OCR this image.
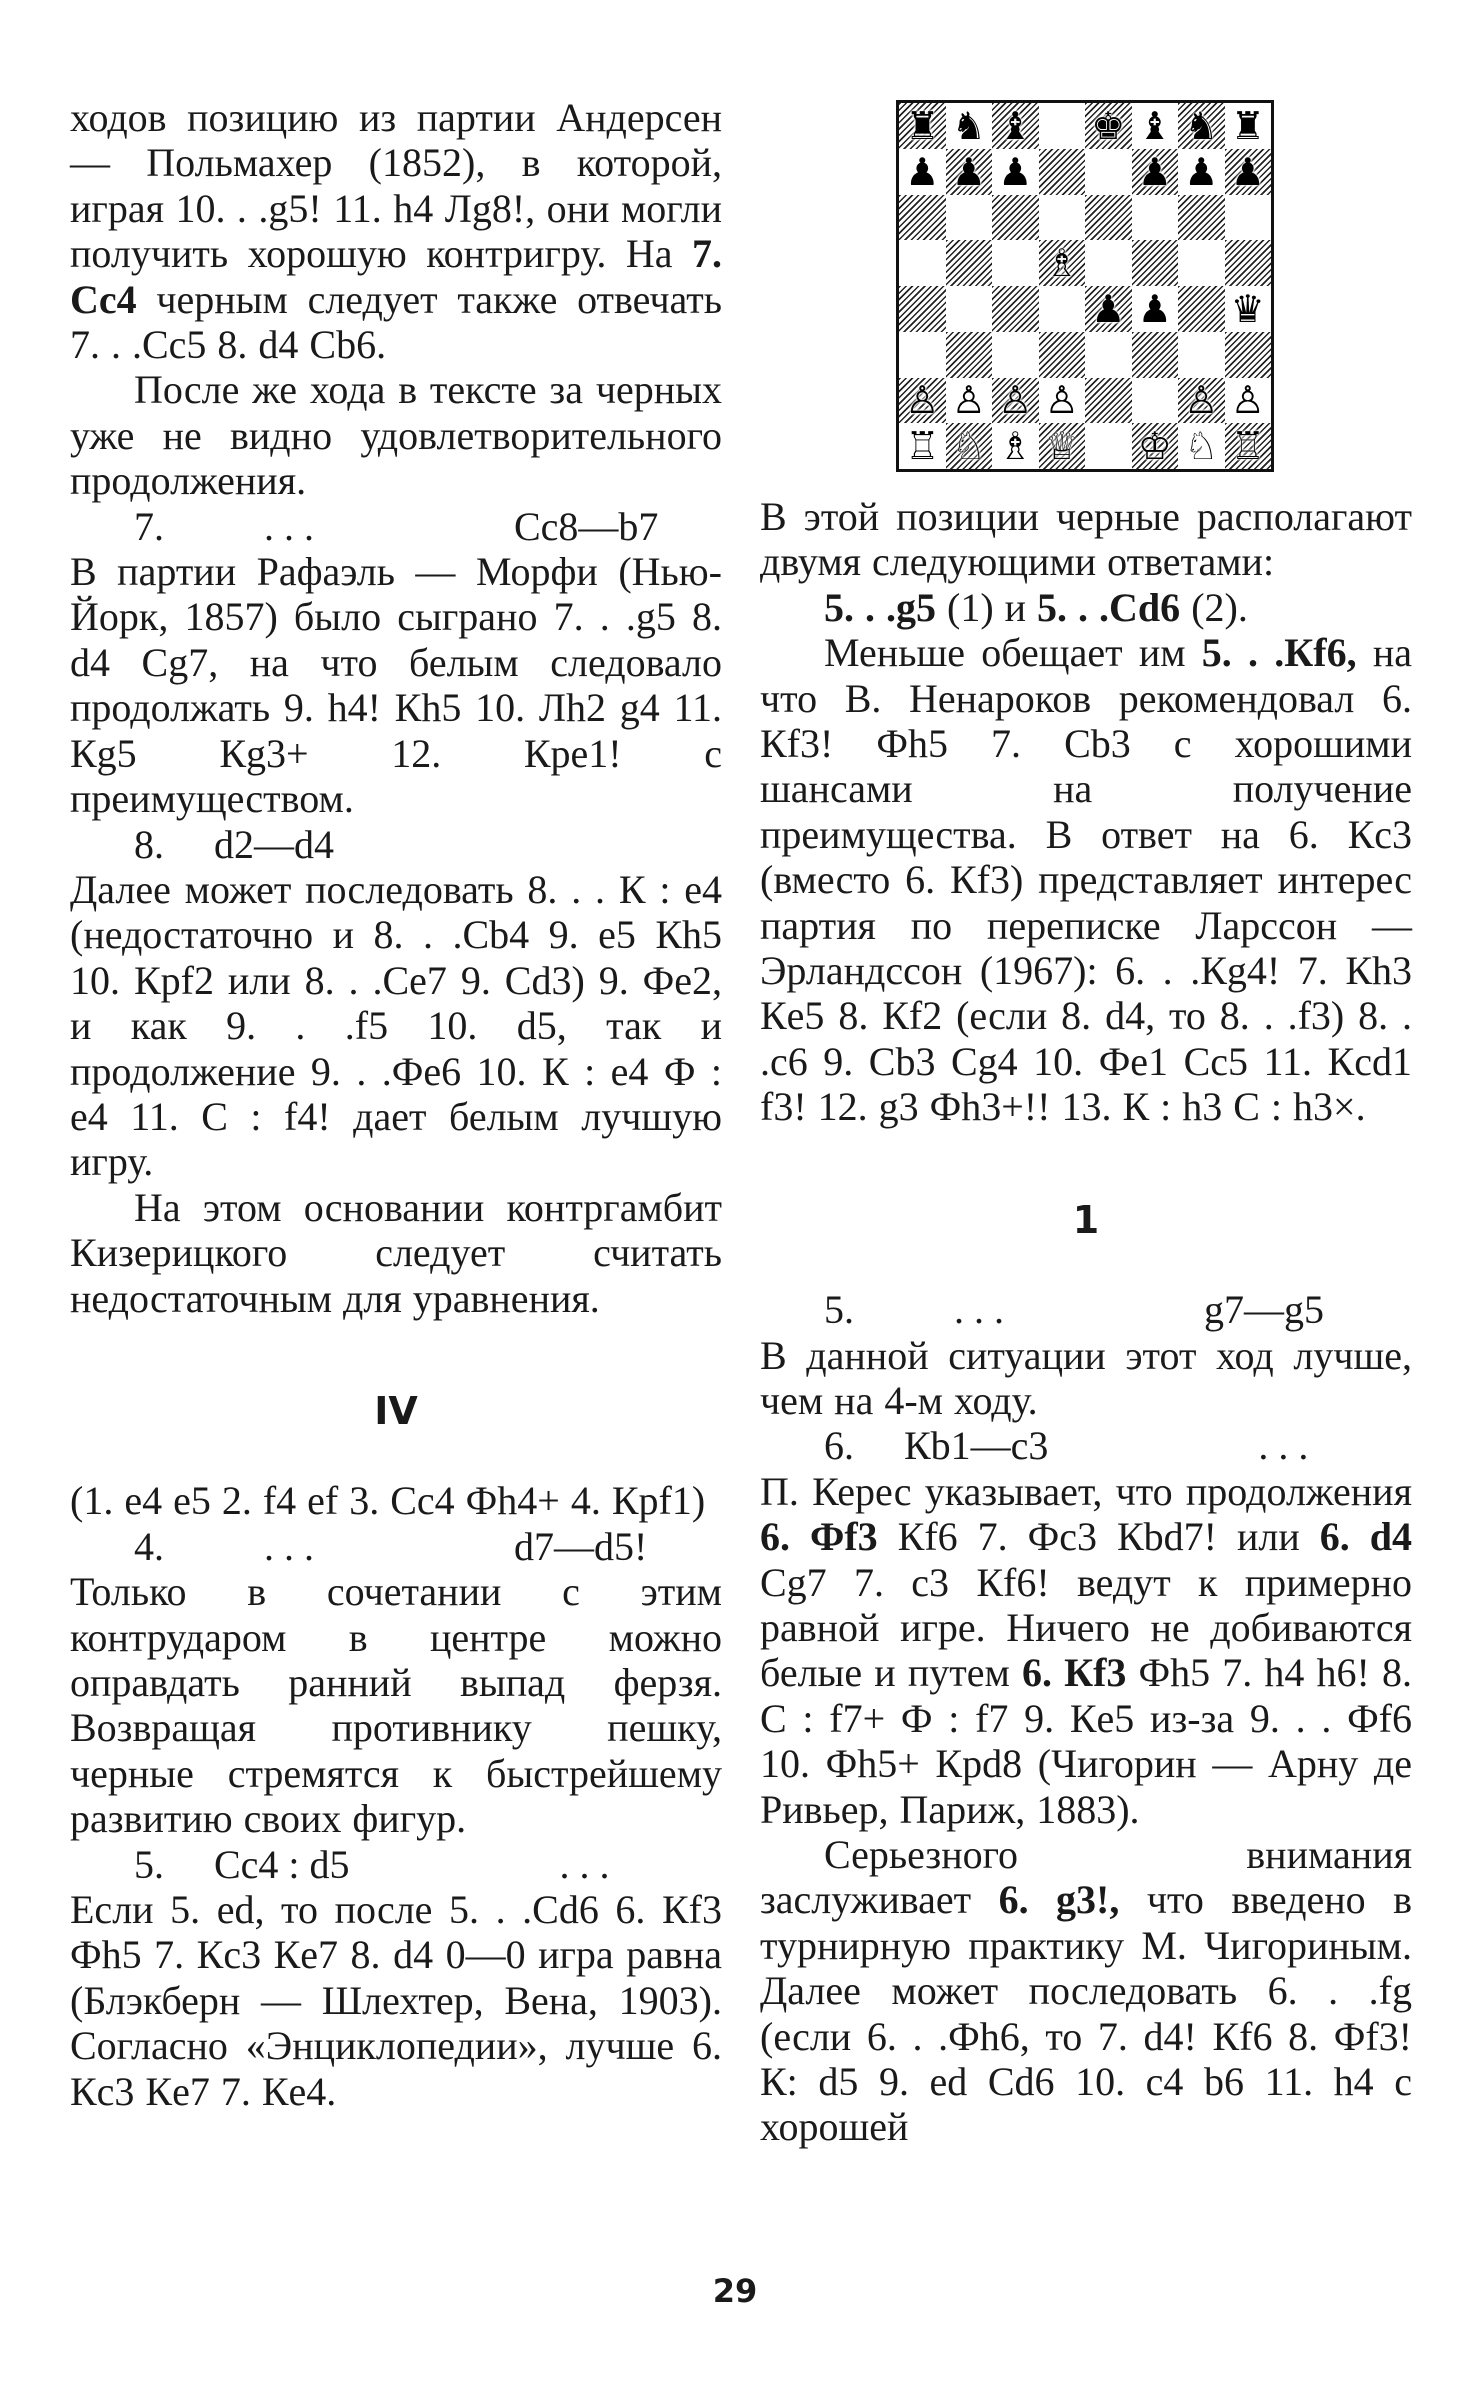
ходов позицию из партии Андерсен — Польмахер (1852), в которой, играя 10. . .g5! 11. h4 Лg8!, они могли получить хорошую контригру. На 7. Сc4 черным следует также отвечать 7. . .Сc5 8. d4 Сb6.

После же хода в тексте за черных уже не видно удовлетворительного продолжения.

7.          . . .                    Сc8—b7

В партии Рафаэль — Морфи (Нью-Йорк, 1857) было сыграно 7. . .g5 8. d4 Сg7, на что белым следовало продолжать 9. h4! Кh5 10. Лh2 g4 11. Кg5 Кg3+ 12. Крe1! с преимуществом.

8.     d2—d4

Далее может последовать 8. . . К : e4 (недостаточно и 8. . .Сb4 9. e5 Кh5 10. Крf2 или 8. . .Сe7 9. Сd3) 9. Фe2, и как 9. . .f5 10. d5, так и продолжение 9. . .Фe6 10. К : e4 Ф : e4 11. С : f4! дает белым лучшую игру.

На этом основании контргамбит Кизерицкого следует считать недостаточным для уравнения.

IV

(1. e4 e5 2. f4 ef 3. Сc4 Фh4+ 4. Крf1)

4.          . . .                    d7—d5!

Только в сочетании с этим контрударом в центре можно оправдать ранний выпад ферзя. Возвращая противнику пешку, черные стремятся к быстрейшему развитию своих фигур.

5.     Сc4 : d5                     . . .

Если 5. ed, то после 5. . .Сd6 6. Кf3 Фh5 7. Кc3 Кe7 8. d4 0—0 игра равна (Блэкберн — Шлехтер, Вена, 1903). Согласно «Энциклопедии», лучше 6. Кc3 Кe7 7. Кe4.

♜ ♞ ♝ ♚ ♝ ♞ ♜
♟ ♟ ♟	♟ ♟ ♟
♗
♟ ♟ ♛
♙ ♙ ♙ ♙	♙ ♙
♖ ♘ ♗ ♕ ♔ ♘ ♖

В этой позиции черные располагают двумя следующими ответами:

5. . .g5 (1) и 5. . .Сd6 (2).

Меньше обещает им 5. . .Кf6, на что В. Ненароков рекомендовал 6. Кf3! Фh5 7. Сb3 с хорошими шансами на получение преимущества. В ответ на 6. Кc3 (вместо 6. Кf3) представляет интерес партия по переписке Ларссон — Эрландссон (1967): 6. . .Кg4! 7. Кh3 Кe5 8. Кf2 (если 8. d4, то 8. . .f3) 8. . .c6 9. Сb3 Сg4 10. Фe1 Сc5 11. Кcd1 f3! 12. g3 Фh3+!! 13. К : h3 С : h3×.

1

5.          . . .                    g7—g5

В данной ситуации этот ход лучше, чем на 4-м ходу.

6.     Кb1—c3                     . . .

П. Керес указывает, что продолжения 6. Фf3 Кf6 7. Фc3 Кbd7! или 6. d4 Сg7 7. c3 Кf6! ведут к примерно равной игре. Ничего не добиваются белые и путем 6. Кf3 Фh5 7. h4 h6! 8. С : f7+ Ф : f7 9. Кe5 из-за 9. . . Фf6 10. Фh5+ Крd8 (Чигорин — Арну де Ривьер, Париж, 1883).

Серьезного внимания заслуживает 6. g3!, что введено в турнирную практику М. Чигориным. Далее может последовать 6. . .fg (если 6. . .Фh6, то 7. d4! Кf6 8. Фf3! К: d5 9. ed Сd6 10. c4 b6 11. h4 с хорошей

29
